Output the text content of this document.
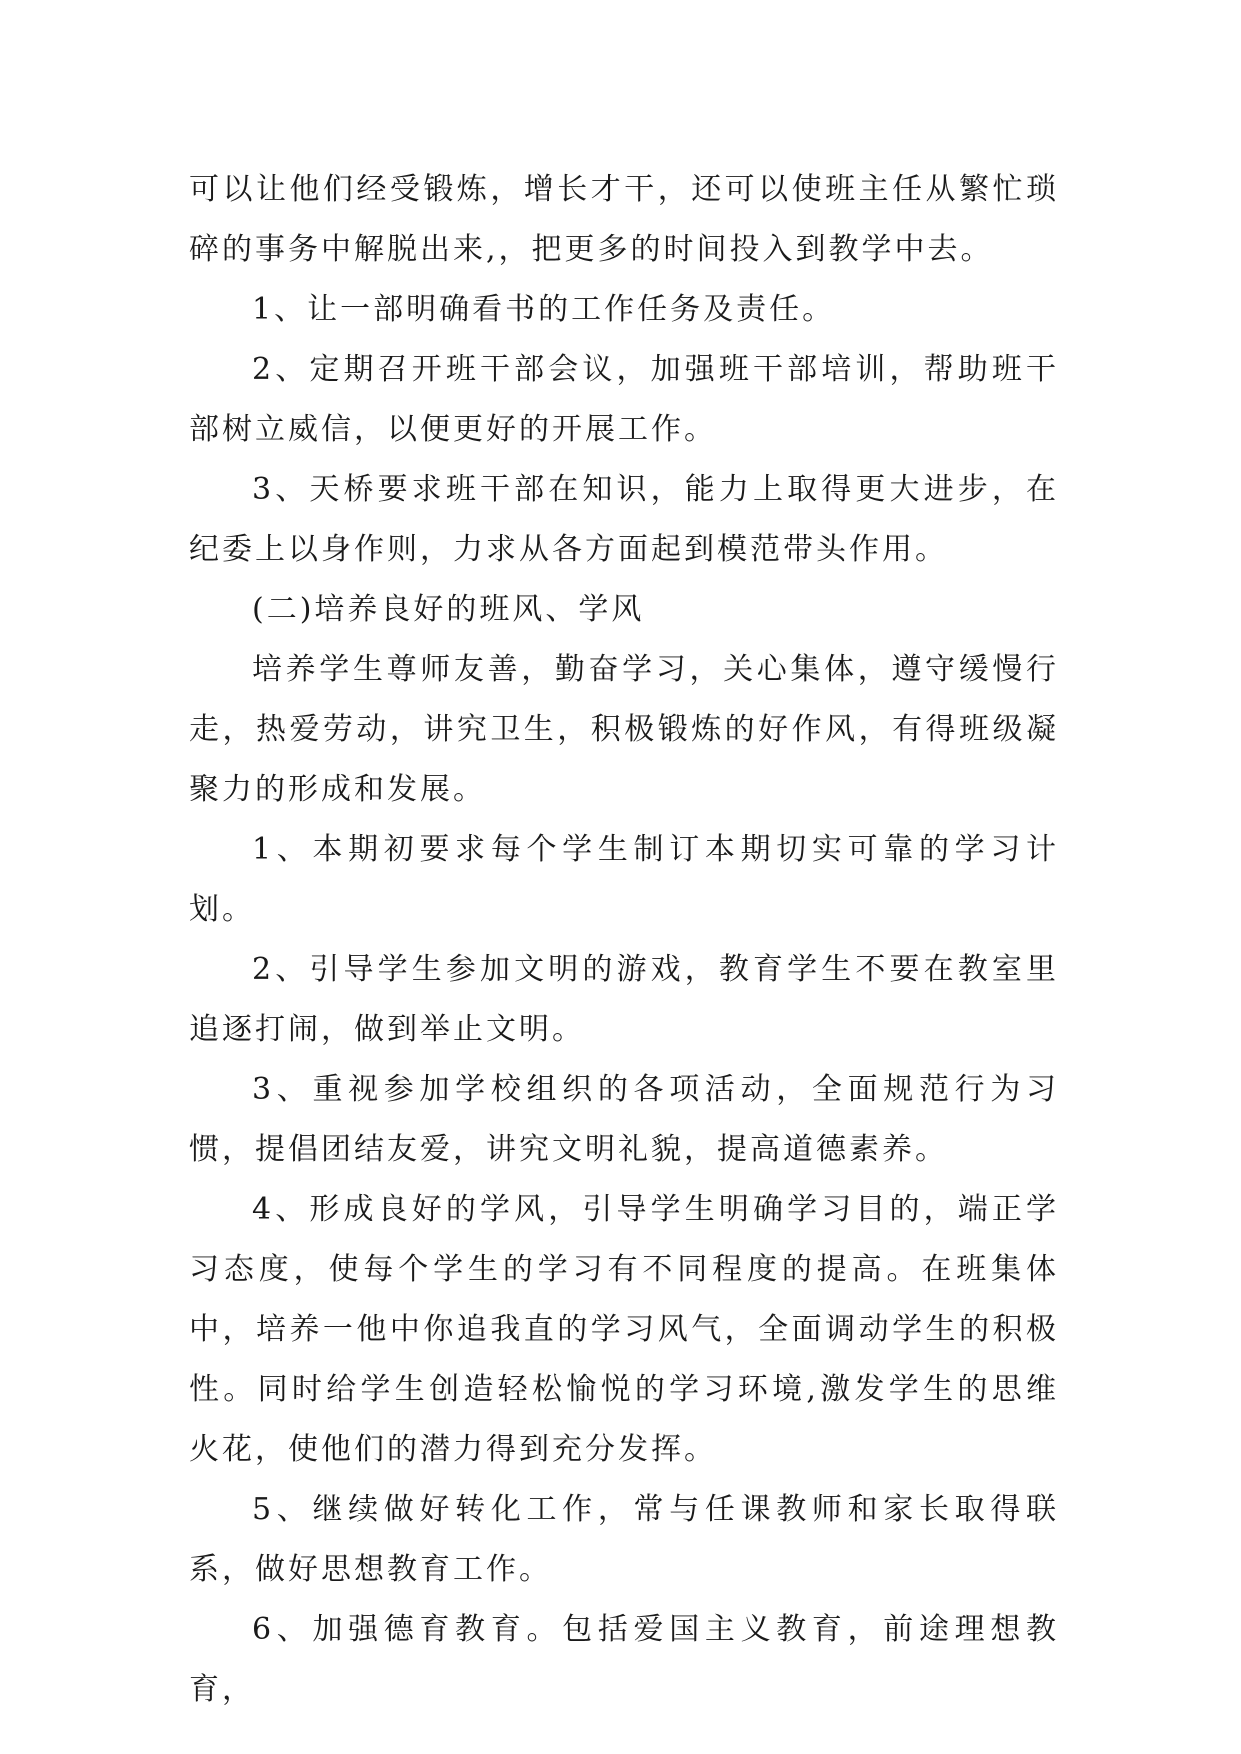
可以让他们经受锻炼，增长才干，还可以使班主任从繁忙琐碎的事务中解脱出来,，把更多的时间投入到教学中去。

1、让一部明确看书的工作任务及责任。

2、定期召开班干部会议，加强班干部培训，帮助班干部树立威信，以便更好的开展工作。

3、天桥要求班干部在知识，能力上取得更大进步，在纪委上以身作则，力求从各方面起到模范带头作用。

(二)培养良好的班风、学风

培养学生尊师友善，勤奋学习，关心集体，遵守缓慢行走，热爱劳动，讲究卫生，积极锻炼的好作风，有得班级凝聚力的形成和发展。

1、本期初要求每个学生制订本期切实可靠的学习计划。

2、引导学生参加文明的游戏，教育学生不要在教室里追逐打闹，做到举止文明。

3、重视参加学校组织的各项活动，全面规范行为习惯，提倡团结友爱，讲究文明礼貌，提高道德素养。

4、形成良好的学风，引导学生明确学习目的，端正学习态度，使每个学生的学习有不同程度的提高。在班集体中，培养一他中你追我直的学习风气，全面调动学生的积极性。同时给学生创造轻松愉悦的学习环境,激发学生的思维火花，使他们的潜力得到充分发挥。

5、继续做好转化工作，常与任课教师和家长取得联系，做好思想教育工作。

6、加强德育教育。包括爱国主义教育，前途理想教育，
